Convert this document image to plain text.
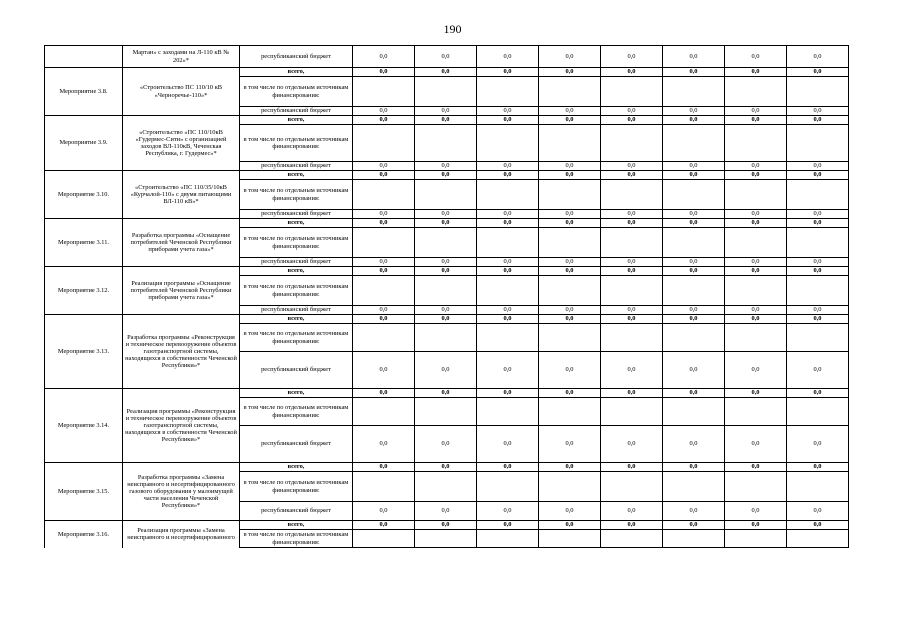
190
	Мартан» с заходами на Л-110 кВ № 202»*	республиканский бюджет	0,0	0,0	0,0	0,0	0,0	0,0	0,0	0,0
Мероприятие 3.8.	«Строительство ПС 110/10 кВ «Черноречье-110»*	всего,	0,0	0,0	0,0	0,0	0,0	0,0	0,0	0,0
		в том числе по отдельным источникам финансирования:								
		республиканский бюджет	0,0	0,0	0,0	0,0	0,0	0,0	0,0	0,0
Мероприятие 3.9.	«Строительство «ПС 110/10кВ «Гудермес-Сити» с организацией заходов ВЛ-110кВ, Чеченская Республика, г. Гудермес»*	всего,	0,0	0,0	0,0	0,0	0,0	0,0	0,0	0,0
		в том числе по отдельным источникам финансирования:								
		республиканский бюджет	0,0	0,0	0,0	0,0	0,0	0,0	0,0	0,0
Мероприятие 3.10.	«Строительство «ПС 110/35/10кВ «Курчалой-110» с двумя питающими ВЛ-110 кВ»*	всего,	0,0	0,0	0,0	0,0	0,0	0,0	0,0	0,0
		в том числе по отдельным источникам финансирования:								
		республиканский бюджет	0,0	0,0	0,0	0,0	0,0	0,0	0,0	0,0
Мероприятие 3.11.	Разработка программы «Оснащение потребителей Чеченской Республики приборами учета газа»*	всего,	0,0	0,0	0,0	0,0	0,0	0,0	0,0	0,0
		в том числе по отдельным источникам финансирования:								
		республиканский бюджет	0,0	0,0	0,0	0,0	0,0	0,0	0,0	0,0
Мероприятие 3.12.	Реализация программы «Оснащение потребителей Чеченской Республики приборами учета газа»*	всего,	0,0	0,0	0,0	0,0	0,0	0,0	0,0	0,0
		в том числе по отдельным источникам финансирования:								
		республиканский бюджет	0,0	0,0	0,0	0,0	0,0	0,0	0,0	0,0
Мероприятие 3.13.	Разработка программы «Реконструкция и техническое перевооружение объектов газотранспортной системы, находящихся в собственности Чеченской Республики»*	всего,	0,0	0,0	0,0	0,0	0,0	0,0	0,0	0,0
		в том числе по отдельным источникам финансирования:								
		республиканский бюджет	0,0	0,0	0,0	0,0	0,0	0,0	0,0	0,0
Мероприятие 3.14.	Реализация программы «Реконструкция и техническое перевооружение объектов газотранспортной системы, находящихся в собственности Чеченской Республики»*	всего,	0,0	0,0	0,0	0,0	0,0	0,0	0,0	0,0
		в том числе по отдельным источникам финансирования:								
		республиканский бюджет	0,0	0,0	0,0	0,0	0,0	0,0	0,0	0,0
Мероприятие 3.15.	Разработка программы «Замена неисправного и несертифицированного газового оборудования у малоимущей части населения Чеченской Республики»*	всего,	0,0	0,0	0,0	0,0	0,0	0,0	0,0	0,0
		в том числе по отдельным источникам финансирования:								
		республиканский бюджет	0,0	0,0	0,0	0,0	0,0	0,0	0,0	0,0
Мероприятие 3.16.	Реализация программы «Замена неисправного и несертифицированного	всего,	0,0	0,0	0,0	0,0	0,0	0,0	0,0	0,0
		в том числе по отдельным источникам финансирования:								
